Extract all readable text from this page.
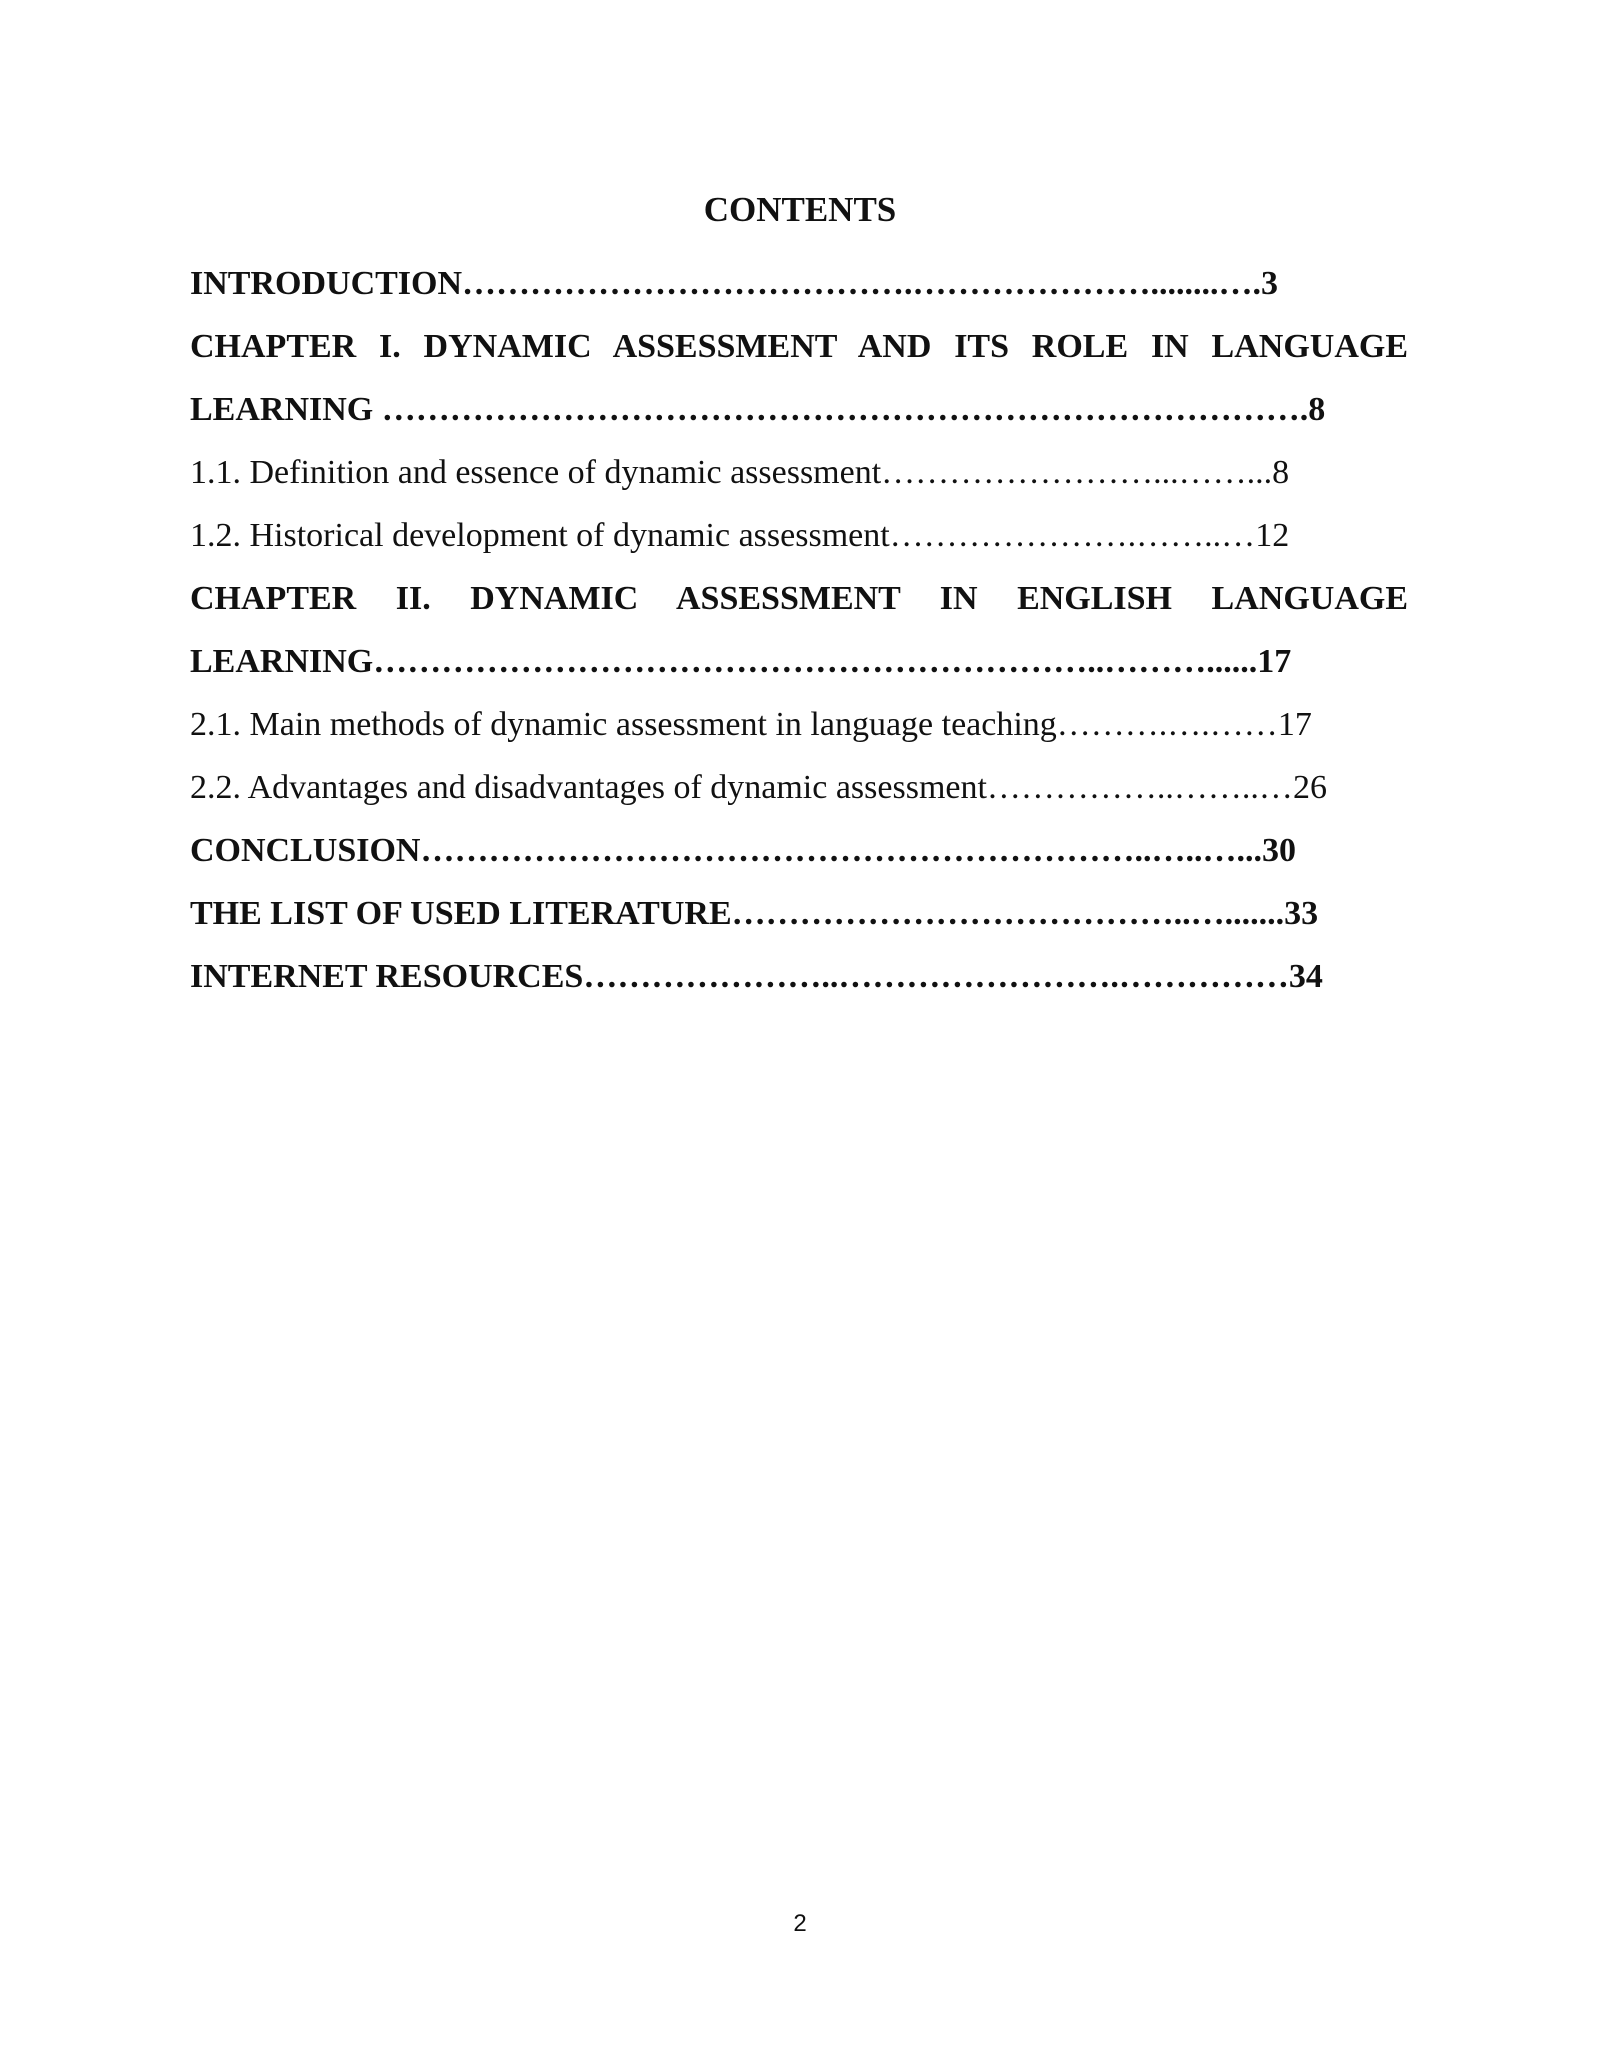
CONTENTS
INTRODUCTION………………………………….…………………........….3
CHAPTER I. DYNAMIC ASSESSMENT AND ITS ROLE IN LANGUAGE
LEARNING ……………………………………………………………………….8
1.1. Definition and essence of dynamic assessment……………………...……...8
1.2. Historical development of dynamic assessment………………….……..…12
CHAPTER II. DYNAMIC ASSESSMENT IN ENGLISH LANGUAGE
LEARNING………………………………………………………..………......17
2.1. Main methods of dynamic assessment in language teaching……….….……17
2.2. Advantages and disadvantages of dynamic assessment……………..……..…26
CONCLUSION………………………………………………………..…..…...30
THE LIST OF USED LITERATURE…………………………………..….......33
INTERNET RESOURCES…………………..…………………….……………34
2
